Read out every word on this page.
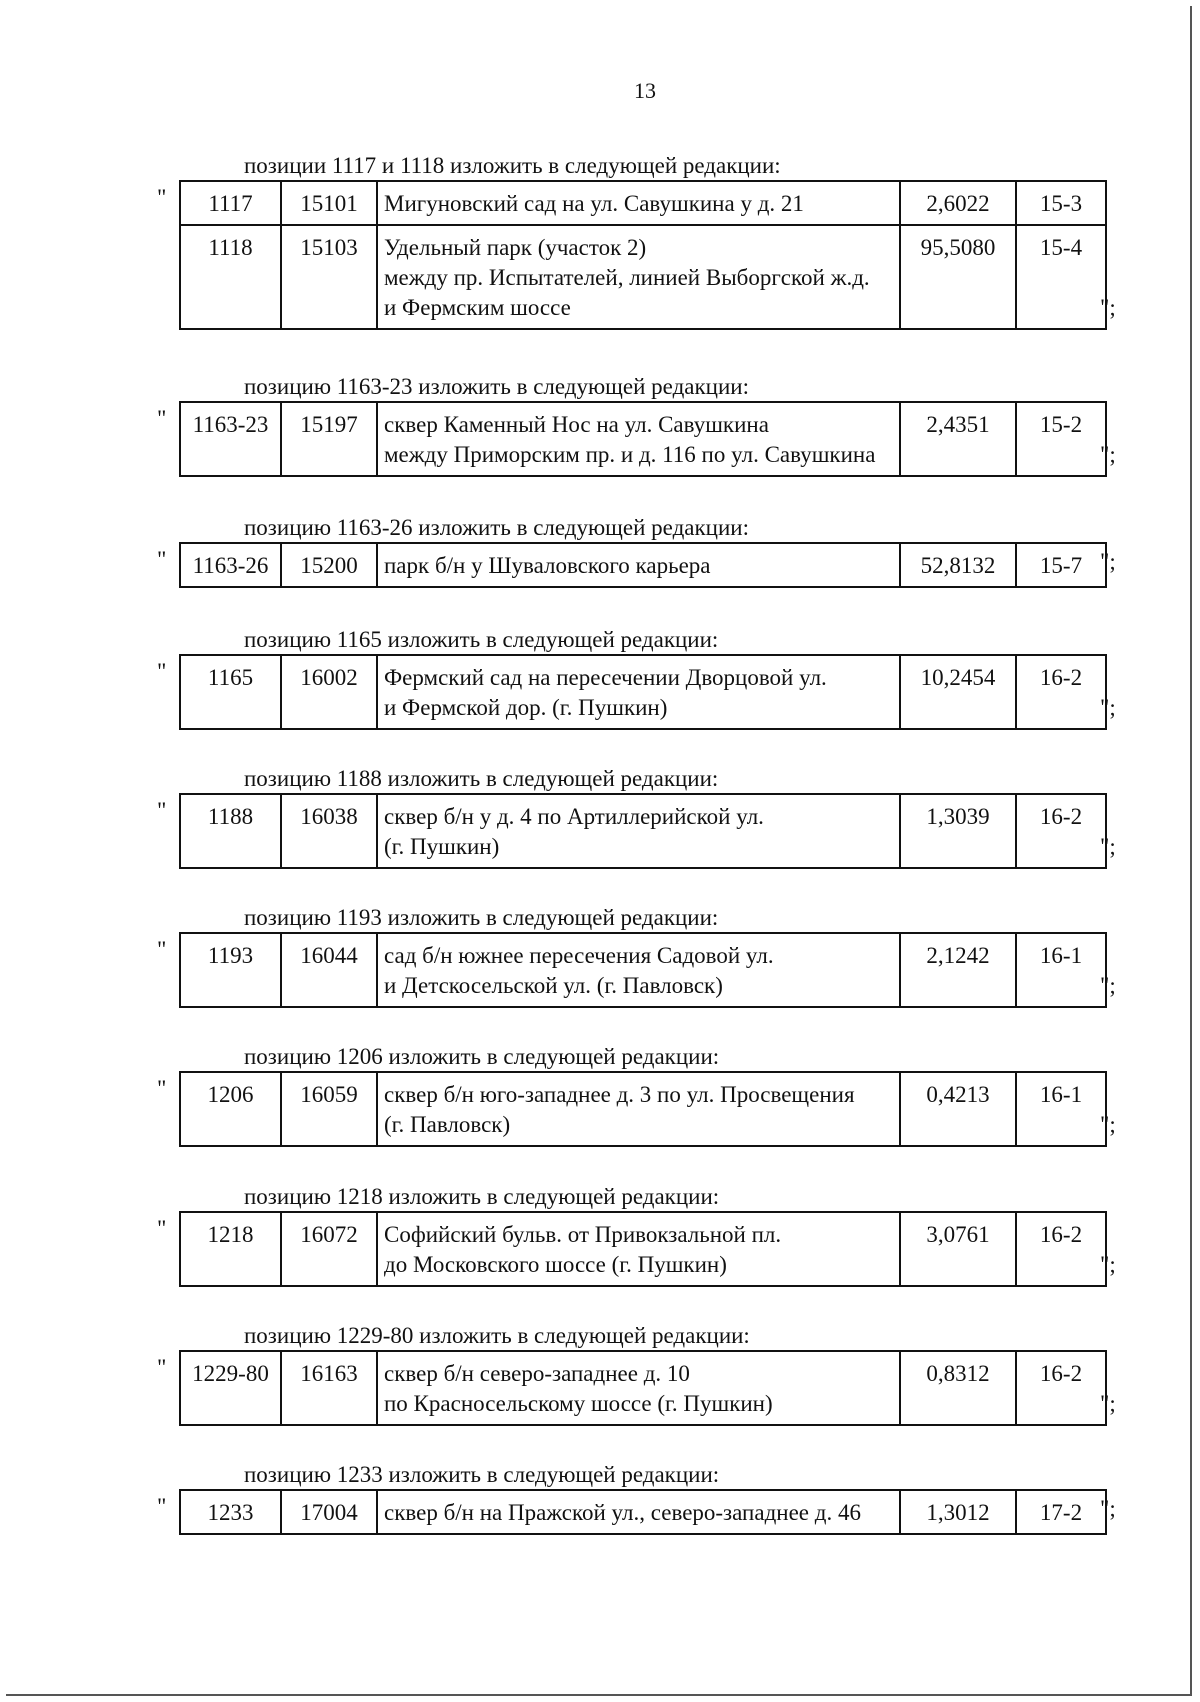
13
позиции 1117 и 1118 изложить в следующей редакции:
" 1117	15101	Мигуновский сад на ул. Савушкина у д. 21	2,6022	15-3
1118	15103	Удельный парк (участок 2)
между пр. Испытателей, линией Выборгской ж.д.
и Фермским шоссе	95,5080	15-4
";
позицию 1163-23 изложить в следующей редакции:
" 1163-23	15197	сквер Каменный Нос на ул. Савушкина
между Приморским пр. и д. 116 по ул. Савушкина
	2,4351	15-2
";
позицию 1163-26 изложить в следующей редакции:
" 1163-26	15200	парк б/н у Шуваловского карьера	52,8132	15-7 ";
позицию 1165 изложить в следующей редакции:
" 1165	16002	Фермский сад на пересечении Дворцовой ул.
и Фермской дор. (г. Пушкин)
	10,2454	16-2
";
позицию 1188 изложить в следующей редакции:
" 1188	16038	сквер б/н у д. 4 по Артиллерийской ул.
(г. Пушкин)
	1,3039	16-2
";
позицию 1193 изложить в следующей редакции:
" 1193	16044	сад б/н южнее пересечения Садовой ул.
и Детскосельской ул. (г. Павловск)
	2,1242	16-1
";
позицию 1206 изложить в следующей редакции:
" 1206	16059	сквер б/н юго-западнее д. 3 по ул. Просвещения
(г. Павловск)
	0,4213	16-1
";
позицию 1218 изложить в следующей редакции:
" 1218	16072	Софийский бульв. от Привокзальной пл.
до Московского шоссе (г. Пушкин)
	3,0761	16-2
";
позицию 1229-80 изложить в следующей редакции:
" 1229-80	16163	сквер б/н северо-западнее д. 10
по Красносельскому шоссе (г. Пушкин)
	0,8312	16-2
";
позицию 1233 изложить в следующей редакции:
" 1233	17004	сквер б/н на Пражской ул., северо-западнее д. 46	1,3012	17-2 ";
